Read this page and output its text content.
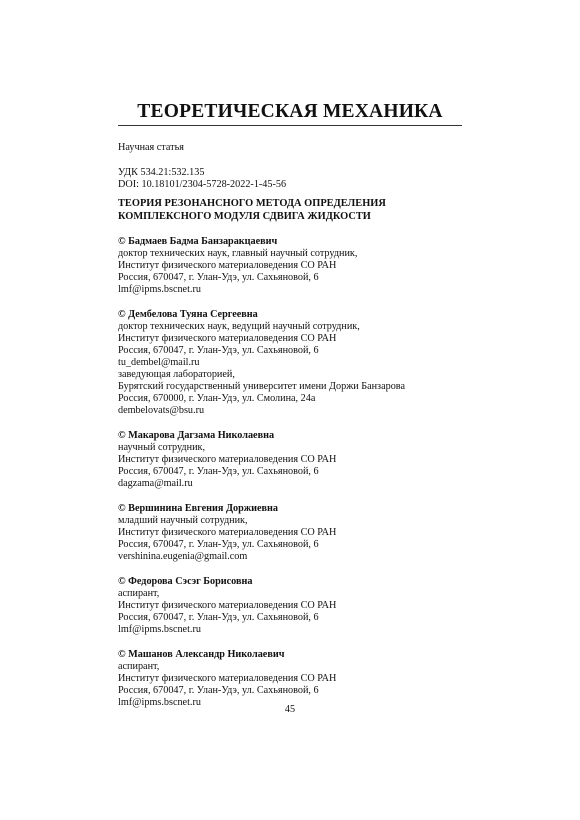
ТЕОРЕТИЧЕСКАЯ МЕХАНИКА
Научная статья
УДК 534.21:532.135
DOI: 10.18101/2304-5728-2022-1-45-56
ТЕОРИЯ РЕЗОНАНСНОГО МЕТОДА ОПРЕДЕЛЕНИЯ
КОМПЛЕКСНОГО МОДУЛЯ СДВИГА ЖИДКОСТИ
© Бадмаев Бадма Банзаракцаевич
доктор технических наук, главный научный сотрудник,
Институт физического материаловедения СО РАН
Россия, 670047, г. Улан-Удэ, ул. Сахьяновой, 6
lmf@ipms.bscnet.ru
© Дембелова Туяна Сергеевна
доктор технических наук, ведущий научный сотрудник,
Институт физического материаловедения СО РАН
Россия, 670047, г. Улан-Удэ, ул. Сахьяновой, 6
tu_dembel@mail.ru
заведующая лабораторией,
Бурятский государственный университет имени Доржи Банзарова
Россия, 670000, г. Улан-Удэ, ул. Смолина, 24а
dembelovats@bsu.ru
© Макарова Дагзама Николаевна
научный сотрудник,
Институт физического материаловедения СО РАН
Россия, 670047, г. Улан-Удэ, ул. Сахьяновой, 6
dagzama@mail.ru
© Вершинина Евгения Доржиевна
младший научный сотрудник,
Институт физического материаловедения СО РАН
Россия, 670047, г. Улан-Удэ, ул. Сахьяновой, 6
vershinina.eugenia@gmail.com
© Федорова Сэсэг Борисовна
аспирант,
Институт физического материаловедения СО РАН
Россия, 670047, г. Улан-Удэ, ул. Сахьяновой, 6
lmf@ipms.bscnet.ru
© Машанов Александр Николаевич
аспирант,
Институт физического материаловедения СО РАН
Россия, 670047, г. Улан-Удэ, ул. Сахьяновой, 6
lmf@ipms.bscnet.ru
45
